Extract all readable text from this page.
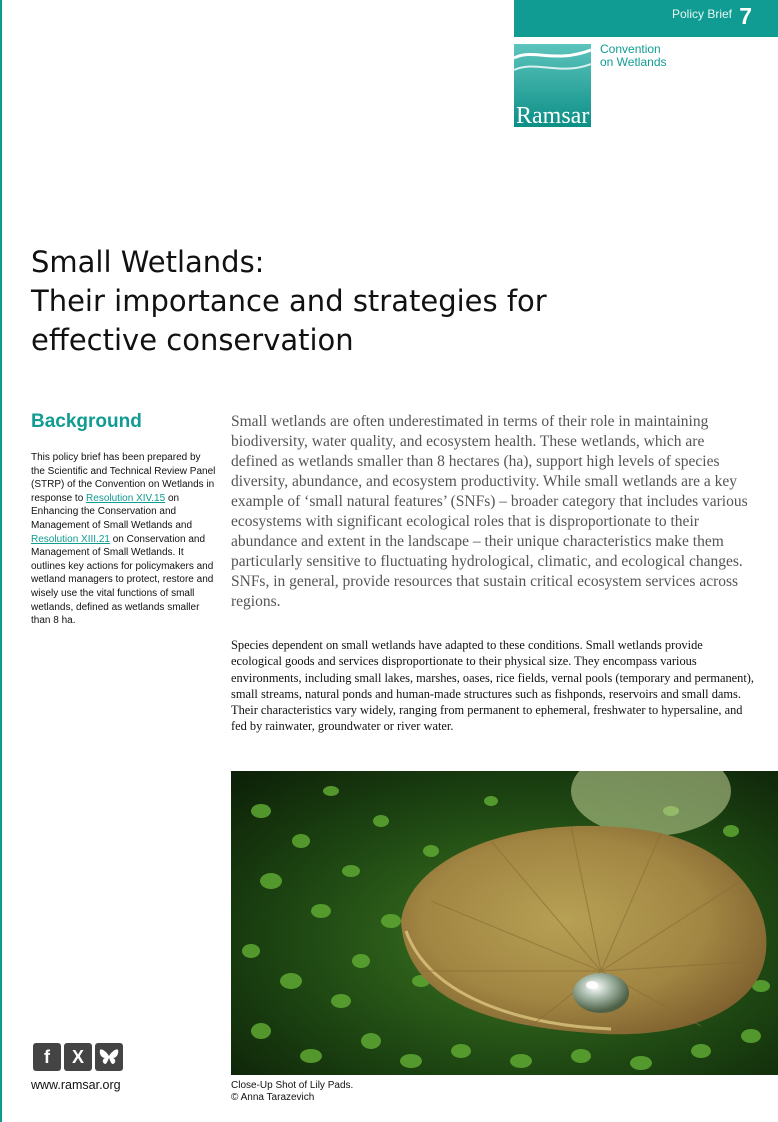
Policy Brief 7
Ramsar
Convention
on Wetlands
Small Wetlands:
Their importance and strategies for
effective conservation
Background
This policy brief has been prepared by the Scientific and Technical Review Panel (STRP) of the Convention on Wetlands in response to Resolution XIV.15 on Enhancing the Conservation and Management of Small Wetlands and Resolution XIII.21 on Conservation and Management of Small Wetlands. It outlines key actions for policymakers and wetland managers to protect, restore and wisely use the vital functions of small wetlands, defined as wetlands smaller than 8 ha.

Small wetlands are often underestimated in terms of their role in maintaining biodiversity, water quality, and ecosystem health. These wetlands, which are defined as wetlands smaller than 8 hectares (ha), support high levels of species diversity, abundance, and ecosystem productivity. While small wetlands are a key example of ‘small natural features’ (SNFs) – broader category that includes various ecosystems with significant ecological roles that is disproportionate to their abundance and extent in the landscape – their unique characteristics make them particularly sensitive to fluctuating hydrological, climatic, and ecological changes. SNFs, in general, provide resources that sustain critical ecosystem services across regions.

Species dependent on small wetlands have adapted to these conditions. Small wetlands provide ecological goods and services disproportionate to their physical size. They encompass various environments, including small lakes, marshes, oases, rice fields, vernal pools (temporary and permanent), small streams, natural ponds and human-made structures such as fishponds, reservoirs and small dams. Their characteristics vary widely, ranging from permanent to ephemeral, freshwater to hypersaline, and fed by rainwater, groundwater or river water.

Close-Up Shot of Lily Pads.
© Anna Tarazevich
f	X
www.ramsar.org
